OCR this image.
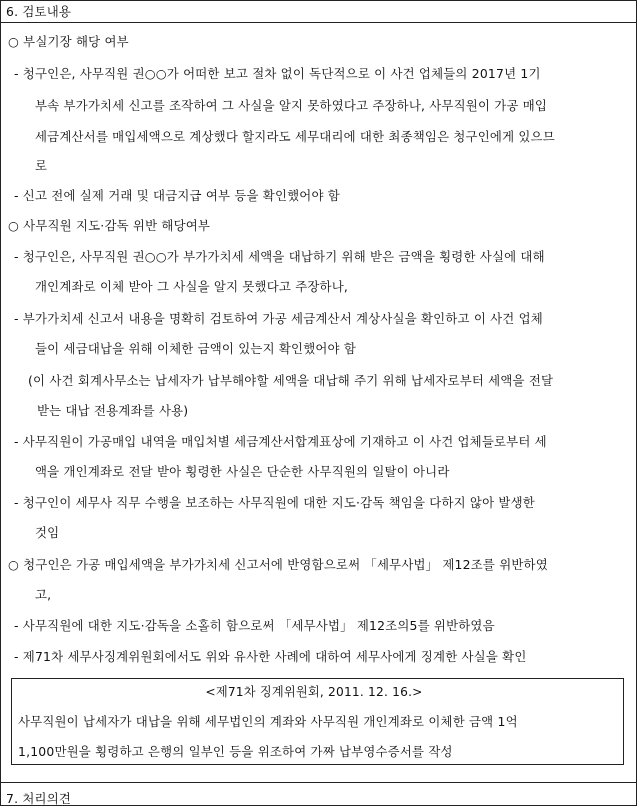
6. 검토내용
○ 부실기장 해당 여부
- 청구인은, 사무직원 권○○가 어떠한 보고 절차 없이 독단적으로 이 사건 업체들의 2017년 1기
부속 부가가치세 신고를 조작하여 그 사실을 알지 못하였다고 주장하나, 사무직원이 가공 매입
세금계산서를 매입세액으로 계상했다 할지라도 세무대리에 대한 최종책임은 청구인에게 있으므
로
- 신고 전에 실제 거래 및 대금지급 여부 등을 확인했어야 함
○ 사무직원 지도·감독 위반 해당여부
- 청구인은, 사무직원 권○○가 부가가치세 세액을 대납하기 위해 받은 금액을 횡령한 사실에 대해
개인계좌로 이체 받아 그 사실을 알지 못했다고 주장하나,
- 부가가치세 신고서 내용을 명확히 검토하여 가공 세금계산서 계상사실을 확인하고 이 사건 업체
들이 세금대납을 위해 이체한 금액이 있는지 확인했어야 함
(이 사건 회계사무소는 납세자가 납부해야할 세액을 대납해 주기 위해 납세자로부터 세액을 전달
받는 대납 전용계좌를 사용)
- 사무직원이 가공매입 내역을 매입처별 세금계산서합계표상에 기재하고 이 사건 업체들로부터 세
액을 개인계좌로 전달 받아 횡령한 사실은 단순한 사무직원의 일탈이 아니라
- 청구인이 세무사 직무 수행을 보조하는 사무직원에 대한 지도·감독 책임을 다하지 않아 발생한
것임
○ 청구인은 가공 매입세액을 부가가치세 신고서에 반영함으로써 「세무사법」 제12조를 위반하였
고,
- 사무직원에 대한 지도·감독을 소홀히 함으로써 「세무사법」 제12조의5를 위반하였음
- 제71차 세무사징계위원회에서도 위와 유사한 사례에 대하여 세무사에게 징계한 사실을 확인
<제71차 징계위원회, 2011. 12. 16.>
사무직원이 납세자가 대납을 위해 세무법인의 계좌와 사무직원 개인계좌로 이체한 금액 1억
1,100만원을 횡령하고 은행의 일부인 등을 위조하여 가짜 납부영수증서를 작성
7. 처리의견
